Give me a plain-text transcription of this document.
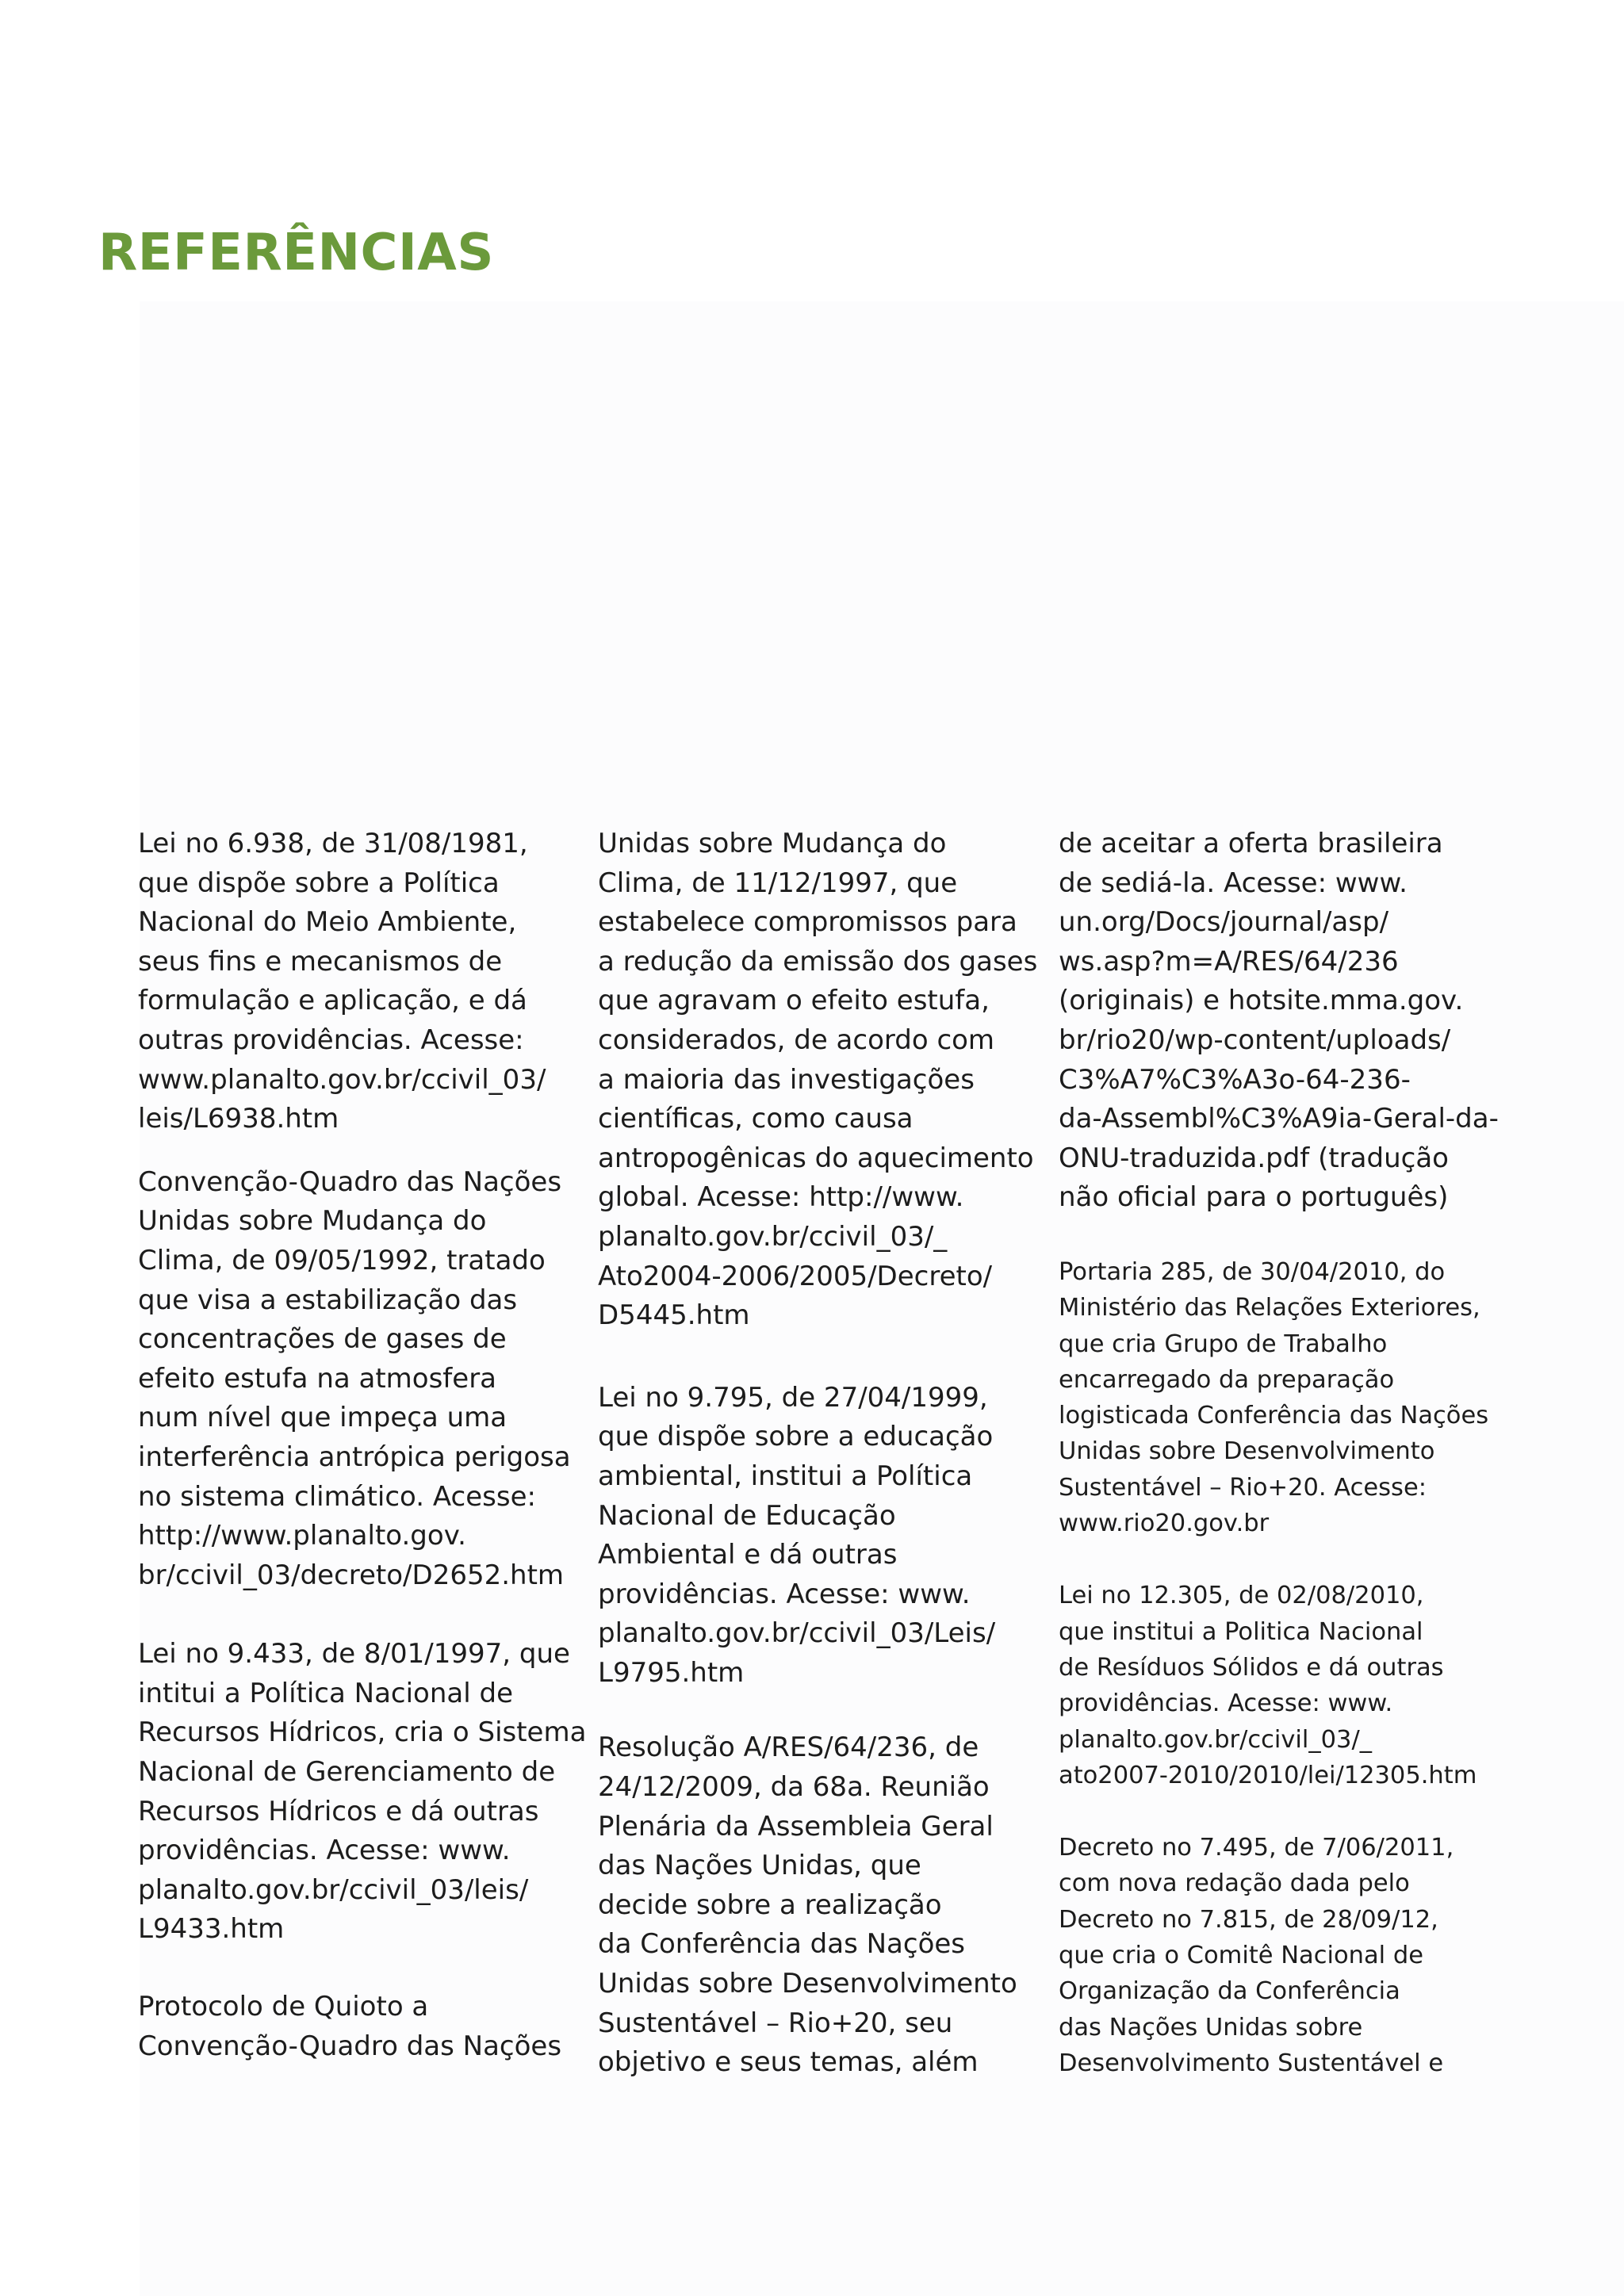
REFERÊNCIAS

Lei no 6.938, de 31/08/1981,
que dispõe sobre a Política
Nacional do Meio Ambiente,
seus fins e mecanismos de
formulação e aplicação, e dá
outras providências. Acesse:
www.planalto.gov.br/ccivil_03/
leis/L6938.htm

Convenção-Quadro das Nações
Unidas sobre Mudança do
Clima, de 09/05/1992, tratado
que visa a estabilização das
concentrações de gases de
efeito estufa na atmosfera
num nível que impeça uma
interferência antrópica perigosa
no sistema climático. Acesse:
http://www.planalto.gov.
br/ccivil_03/decreto/D2652.htm

Lei no 9.433, de 8/01/1997, que
intitui a Política Nacional de
Recursos Hídricos, cria o Sistema
Nacional de Gerenciamento de
Recursos Hídricos e dá outras
providências. Acesse: www.
planalto.gov.br/ccivil_03/leis/
L9433.htm

Protocolo de Quioto a
Convenção-Quadro das Nações

Unidas sobre Mudança do
Clima, de 11/12/1997, que
estabelece compromissos para
a redução da emissão dos gases
que agravam o efeito estufa,
considerados, de acordo com
a maioria das investigações
científicas, como causa
antropogênicas do aquecimento
global. Acesse: http://www.
planalto.gov.br/ccivil_03/_
Ato2004-2006/2005/Decreto/
D5445.htm

Lei no 9.795, de 27/04/1999,
que dispõe sobre a educação
ambiental, institui a Política
Nacional de Educação
Ambiental e dá outras
providências. Acesse: www.
planalto.gov.br/ccivil_03/Leis/
L9795.htm

Resolução A/RES/64/236, de
24/12/2009, da 68a. Reunião
Plenária da Assembleia Geral
das Nações Unidas, que
decide sobre a realização
da Conferência das Nações
Unidas sobre Desenvolvimento
Sustentável – Rio+20, seu
objetivo e seus temas, além

de aceitar a oferta brasileira
de sediá-la. Acesse: www.
un.org/Docs/journal/asp/
ws.asp?m=A/RES/64/236
(originais) e hotsite.mma.gov.
br/rio20/wp-content/uploads/
C3%A7%C3%A3o-64-236-
da-Assembl%C3%A9ia-Geral-da-
ONU-traduzida.pdf (tradução
não oficial para o português)

Portaria 285, de 30/04/2010, do
Ministério das Relações Exteriores,
que cria Grupo de Trabalho
encarregado da preparação
logisticada Conferência das Nações
Unidas sobre Desenvolvimento
Sustentável – Rio+20. Acesse:
www.rio20.gov.br

Lei no 12.305, de 02/08/2010,
que institui a Politica Nacional
de Resíduos Sólidos e dá outras
providências. Acesse: www.
planalto.gov.br/ccivil_03/_
ato2007-2010/2010/lei/12305.htm

Decreto no 7.495, de 7/06/2011,
com nova redação dada pelo
Decreto no 7.815, de 28/09/12,
que cria o Comitê Nacional de
Organização da Conferência
das Nações Unidas sobre
Desenvolvimento Sustentável e
